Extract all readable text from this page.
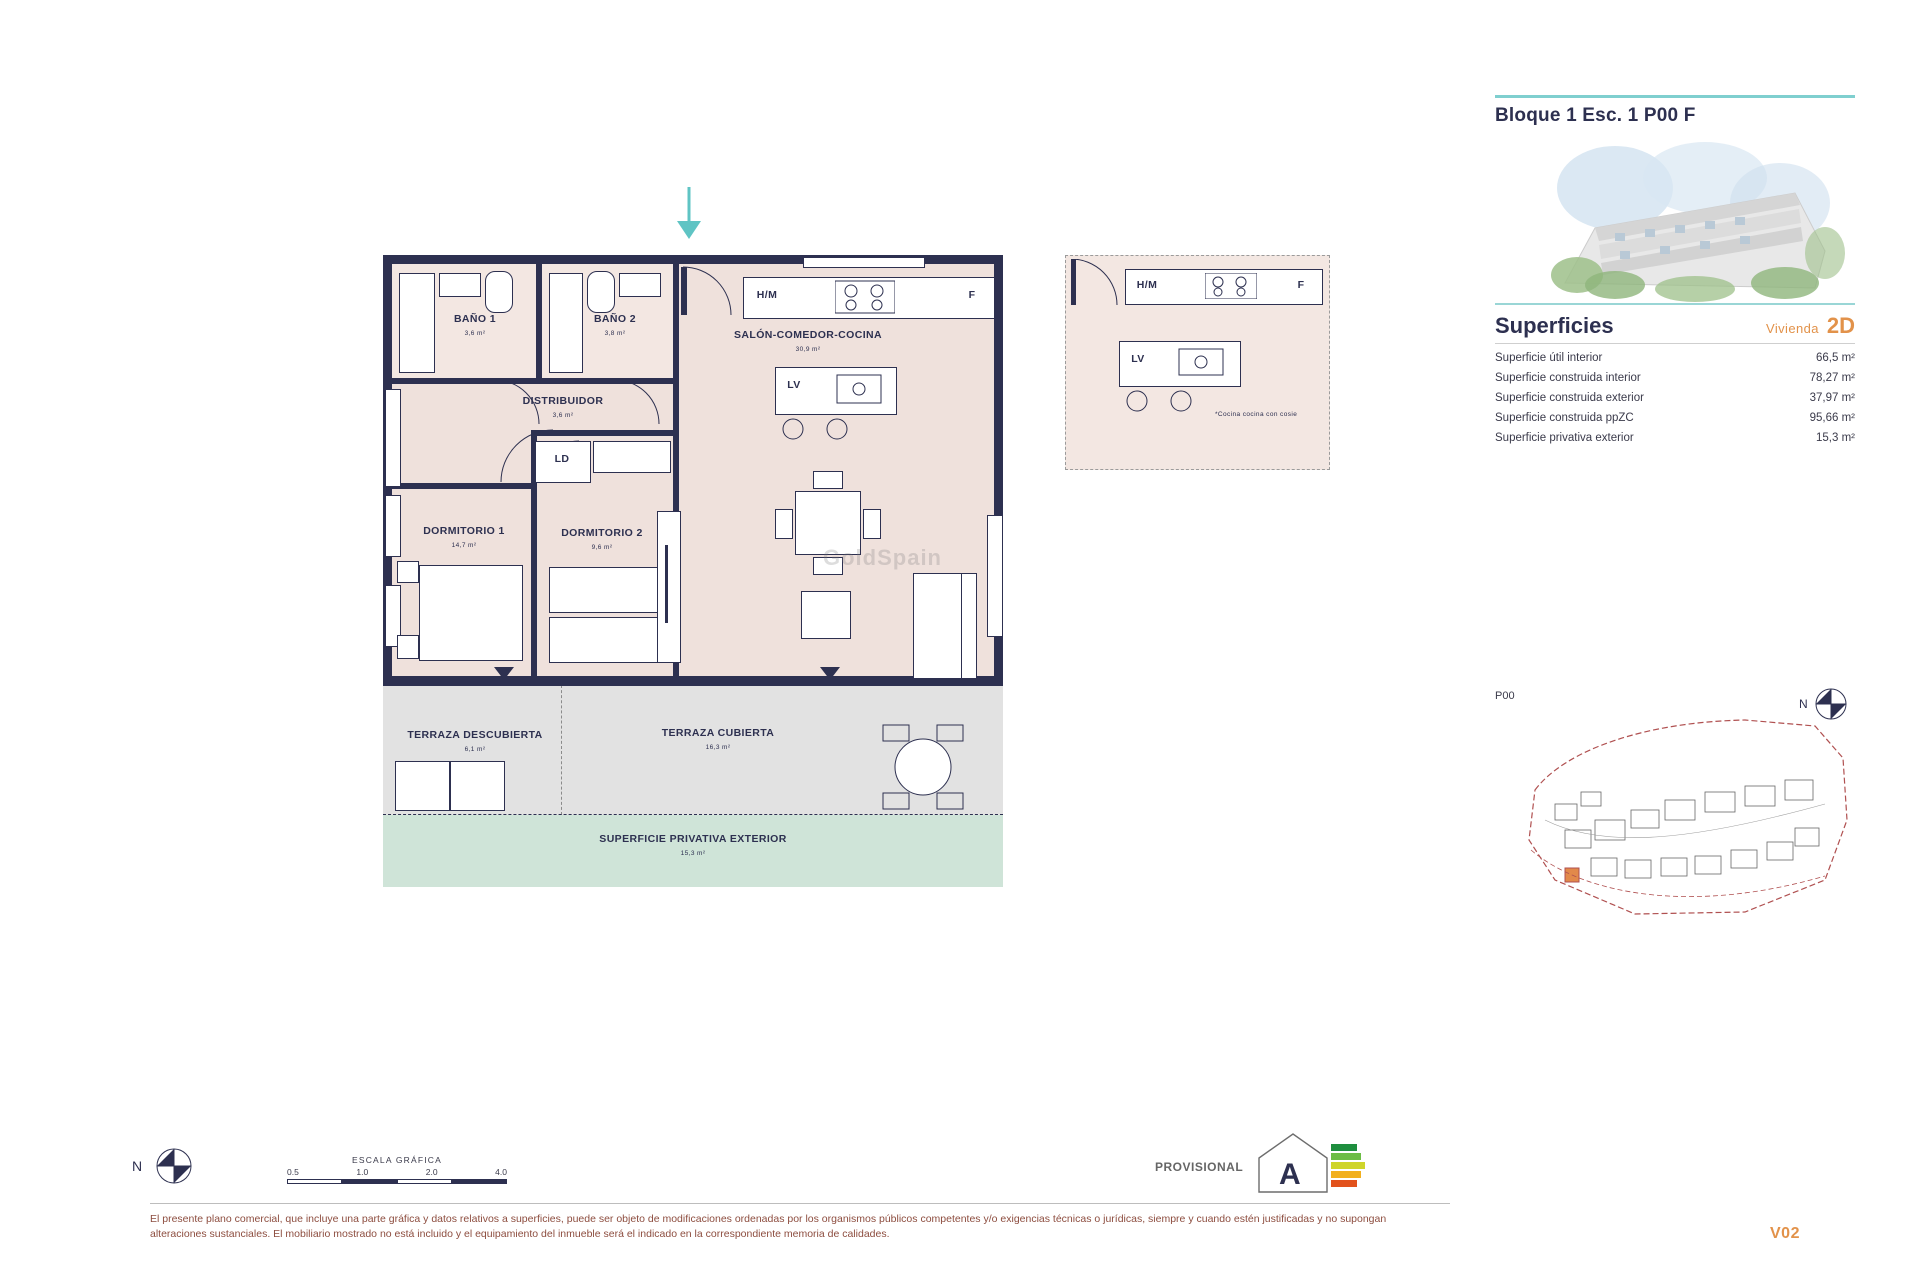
BAÑO 1
3,6 m²
BAÑO 2
3,8 m²
DISTRIBUIDOR
3,6 m²
LD
DORMITORIO 1
14,7 m²
DORMITORIO 2
9,6 m²
SALÓN-COMEDOR-COCINA
30,9 m²
H/M	F
LV
GoldSpain
TERRAZA DESCUBIERTA
6,1 m²
TERRAZA CUBIERTA
16,3 m²
SUPERFICIE PRIVATIVA EXTERIOR
15,3 m²
H/M	F
LV
*Cocina cocina con cosie
Bloque 1 Esc. 1 P00 F
Superficies	Vivienda 2D
Superficie útil interior	66,5 m²
Superficie construida interior	78,27 m²
Superficie construida exterior	37,97 m²
Superficie construida ppZC	95,66 m²
Superficie privativa exterior	15,3 m²
P00
N
N	ESCALA GRÁFICA
0.5	1.0	2.0	4.0	PROVISIONAL A
El presente plano comercial, que incluye una parte gráfica y datos relativos a superficies, puede ser objeto de modificaciones ordenadas por los organismos públicos competentes y/o exigencias técnicas o jurídicas, siempre y cuando estén justificadas y no supongan alteraciones sustanciales. El mobiliario mostrado no está incluido y el equipamiento del inmueble será el indicado en la correspondiente memoria de calidades.	V02
